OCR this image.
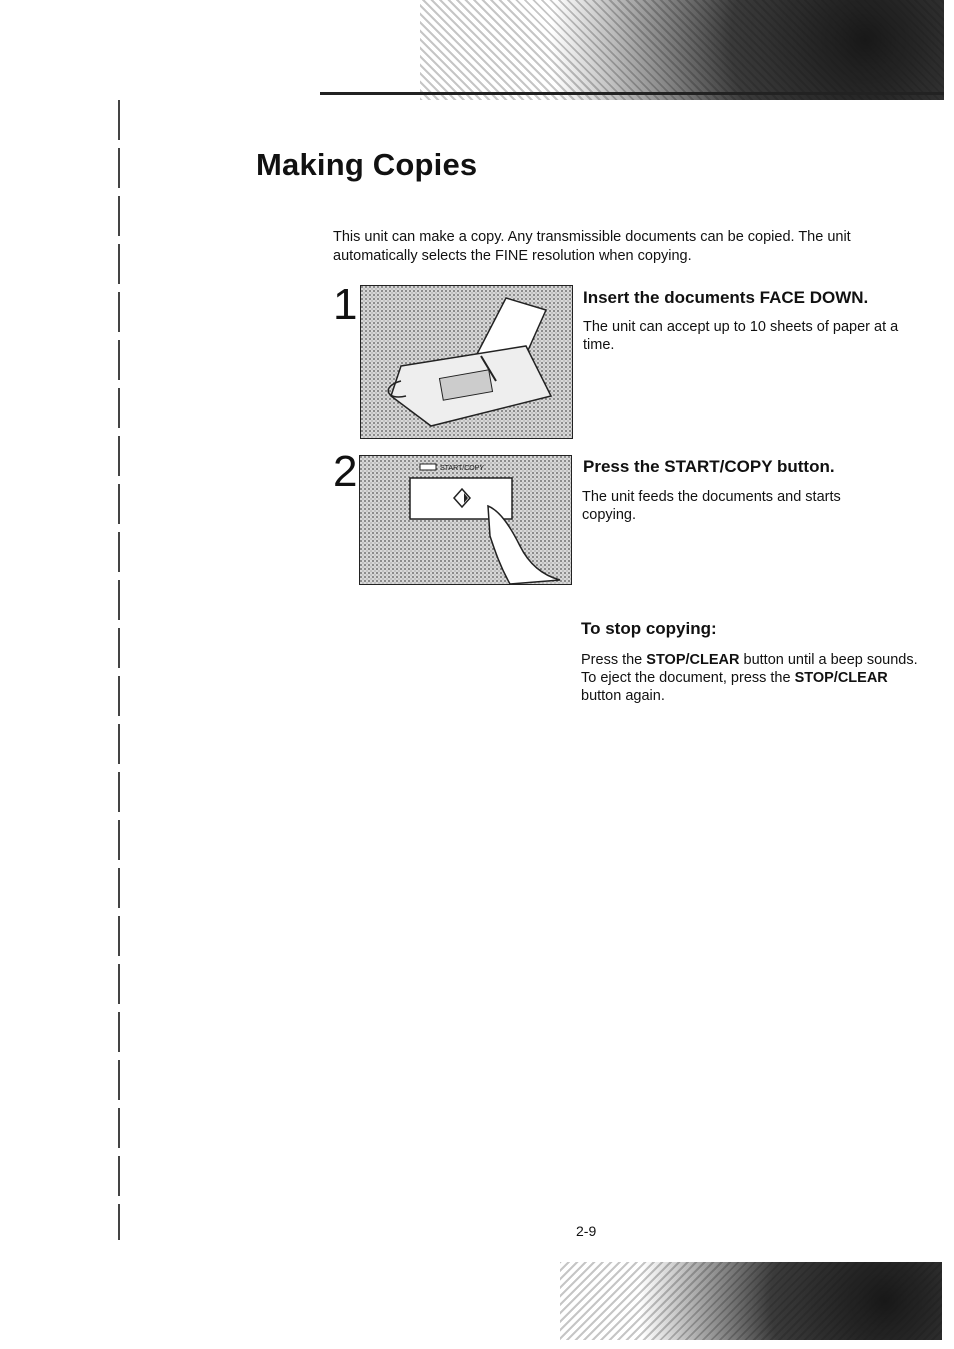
Making Copies

This unit can make a copy. Any transmissible documents can be copied. The unit automatically selects the FINE resolution when copying.

1	Insert the documents FACE DOWN.

The unit can accept up to 10 sheets of paper at a time.

2	START/COPY	Press the START/COPY button.

The unit feeds the documents and starts copying.

To stop copying:
Press the STOP/CLEAR button until a beep sounds.
To eject the document, press the STOP/CLEAR button again.
2-9
